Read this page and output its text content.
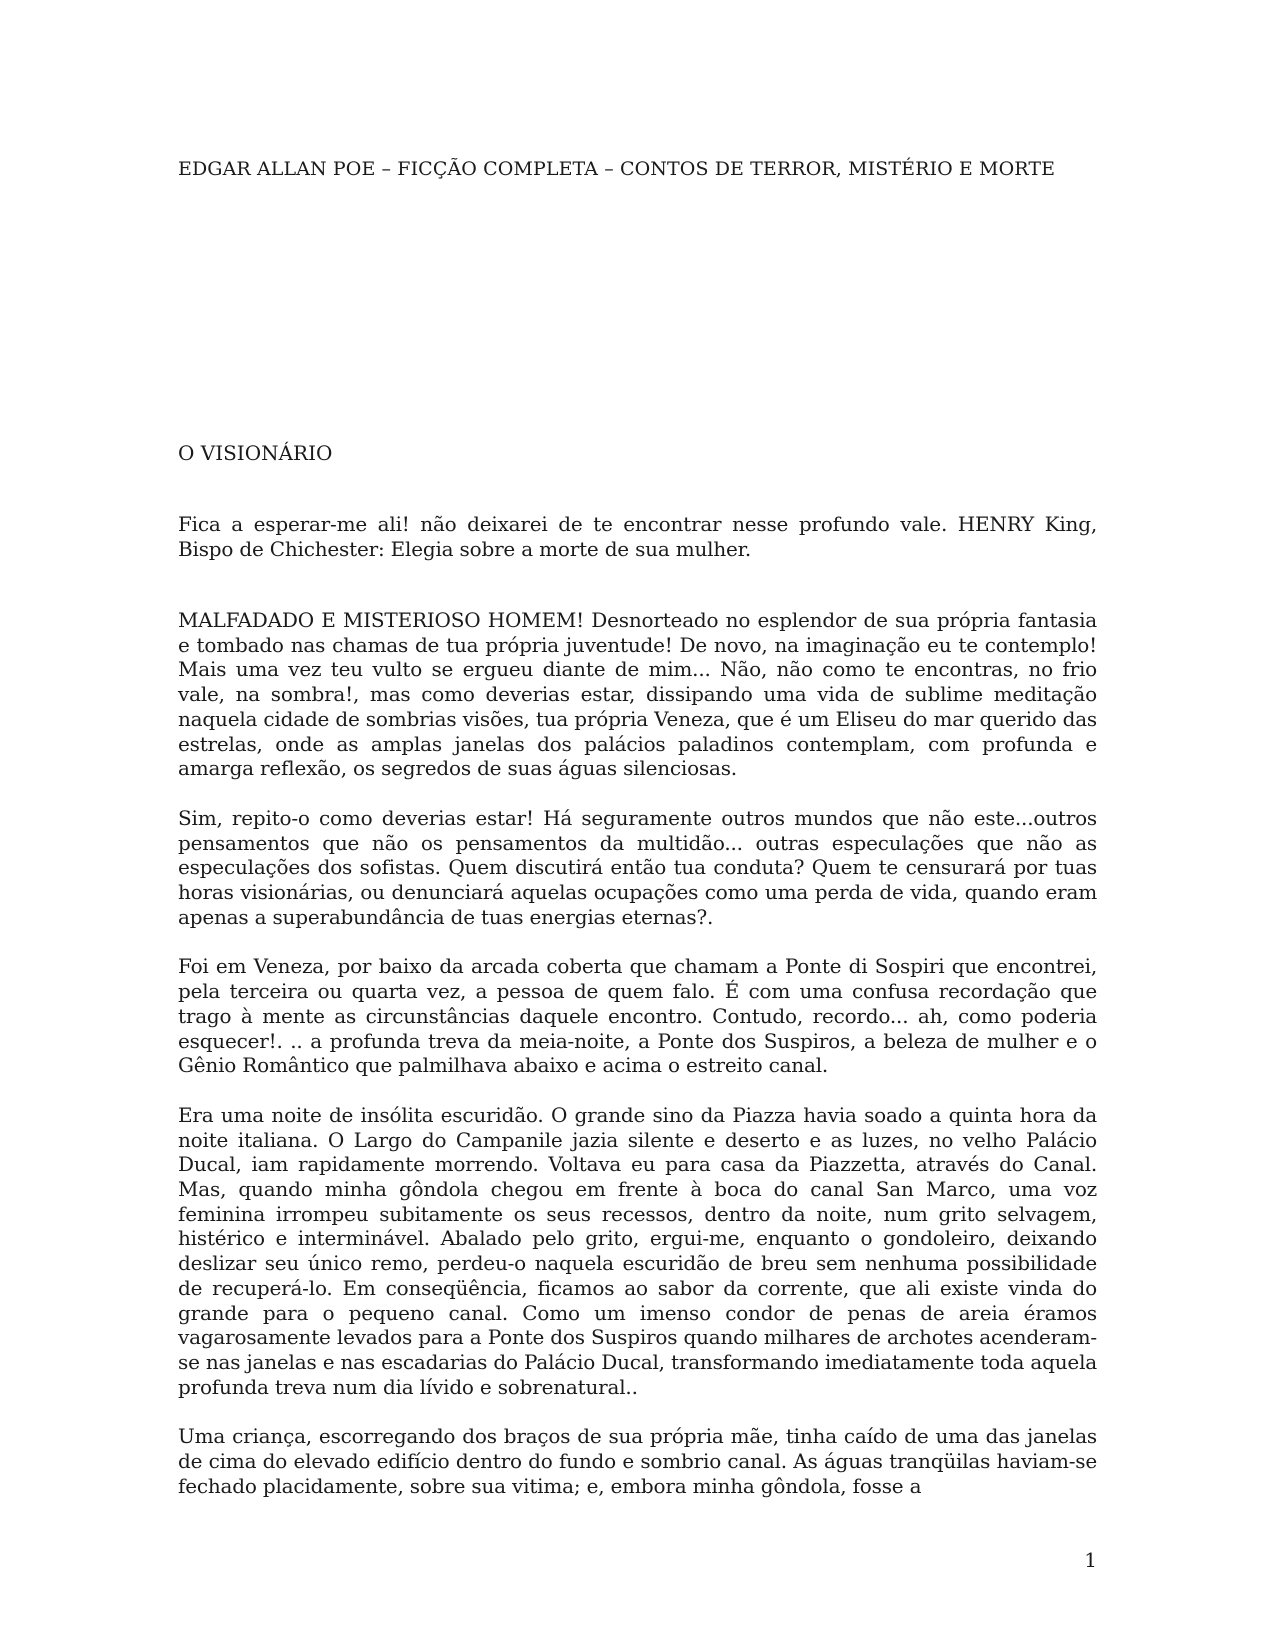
EDGAR ALLAN POE – FICÇÃO COMPLETA – CONTOS DE TERROR, MISTÉRIO E MORTE
O VISIONÁRIO

Fica a esperar-me ali! não deixarei de te encontrar nesse profundo vale. HENRY King, Bispo de Chichester: Elegia sobre a morte de sua mulher.

MALFADADO E MISTERIOSO HOMEM! Desnorteado no esplendor de sua própria fantasia e tombado nas chamas de tua própria juventude! De novo, na imaginação eu te contemplo! Mais uma vez teu vulto se ergueu diante de mim... Não, não como te encontras, no frio vale, na sombra!, mas como deverias estar, dissipando uma vida de sublime meditação naquela cidade de sombrias visões, tua própria Veneza, que é um Eliseu do mar querido das estrelas, onde as amplas janelas dos palácios paladinos contemplam, com profunda e amarga reflexão, os segredos de suas águas silenciosas.

Sim, repito-o como deverias estar! Há seguramente outros mundos que não este...outros pensamentos que não os pensamentos da multidão... outras especulações que não as especulações dos sofistas. Quem discutirá então tua conduta? Quem te censurará por tuas horas visionárias, ou denunciará aquelas ocupações como uma perda de vida, quando eram apenas a superabundância de tuas energias eternas?.

Foi em Veneza, por baixo da arcada coberta que chamam a Ponte di Sospiri que encontrei, pela terceira ou quarta vez, a pessoa de quem falo. É com uma confusa recordação que trago à mente as circunstâncias daquele encontro. Contudo, recordo... ah, como poderia esquecer!. .. a profunda treva da meia-noite, a Ponte dos Suspiros, a beleza de mulher e o Gênio Romântico que palmilhava abaixo e acima o estreito canal.

Era uma noite de insólita escuridão. O grande sino da Piazza havia soado a quinta hora da noite italiana. O Largo do Campanile jazia silente e deserto e as luzes, no velho Palácio Ducal, iam rapidamente morrendo. Voltava eu para casa da Piazzetta, através do Canal. Mas, quando minha gôndola chegou em frente à boca do canal San Marco, uma voz feminina irrompeu subitamente os seus recessos, dentro da noite, num grito selvagem, histérico e interminável. Abalado pelo grito, ergui-me, enquanto o gondoleiro, deixando deslizar seu único remo, perdeu-o naquela escuridão de breu sem nenhuma possibilidade de recuperá-lo. Em conseqüência, ficamos ao sabor da corrente, que ali existe vinda do grande para o pequeno canal. Como um imenso condor de penas de areia éramos vagarosamente levados para a Ponte dos Suspiros quando milhares de archotes acenderam-se nas janelas e nas escadarias do Palácio Ducal, transformando imediatamente toda aquela profunda treva num dia lívido e sobrenatural..

Uma criança, escorregando dos braços de sua própria mãe, tinha caído de uma das janelas de cima do elevado edifício dentro do fundo e sombrio canal. As águas tranqüilas haviam-se fechado placidamente, sobre sua vitima; e, embora minha gôndola, fosse a

1
